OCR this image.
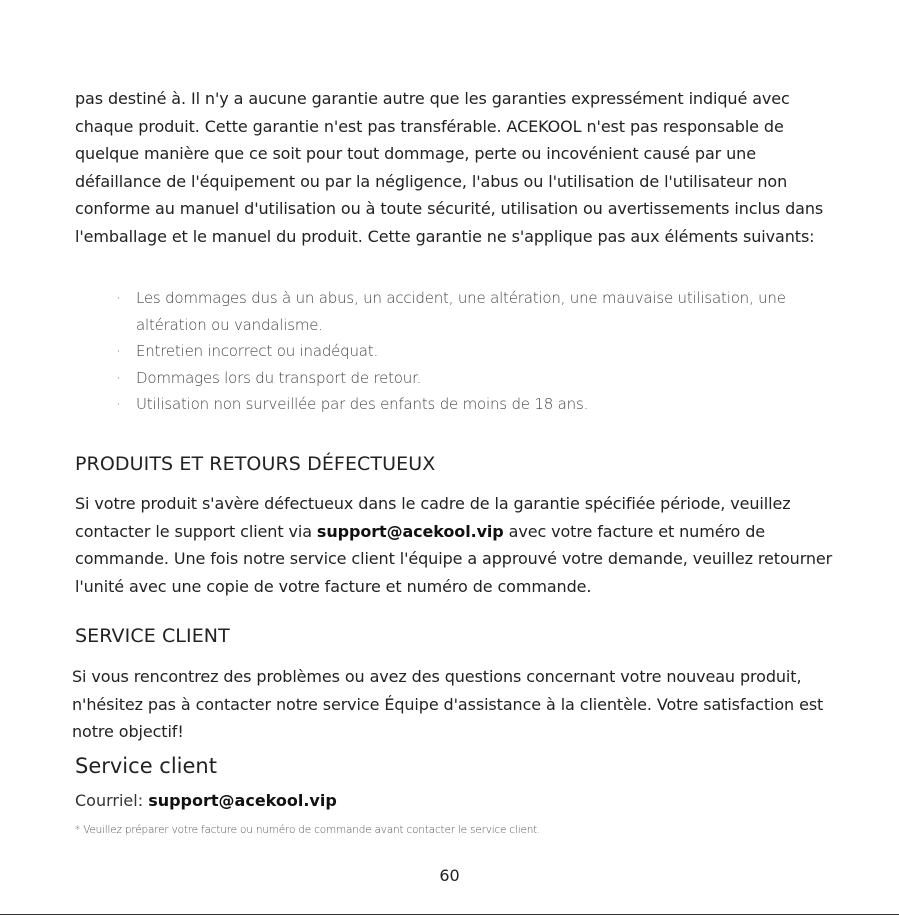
pas destiné à. Il n'y a aucune garantie autre que les garanties expressément indiqué avec chaque produit. Cette garantie n'est pas transférable. ACEKOOL n'est pas responsable de quelque manière que ce soit pour tout dommage, perte ou incovénient causé par une défaillance de l'équipement ou par la négligence, l'abus ou l'utilisation de l'utilisateur non conforme au manuel d'utilisation ou à toute sécurité, utilisation ou avertissements inclus dans l'emballage et le manuel du produit. Cette garantie ne s'applique pas aux éléments suivants:

·	Les dommages dus à un abus, un accident, une altération, une mauvaise utilisation, une altération ou vandalisme.
·	Entretien incorrect ou inadéquat.
·	Dommages lors du transport de retour.
·	Utilisation non surveillée par des enfants de moins de 18 ans.
PRODUITS ET RETOURS DÉFECTUEUX

Si votre produit s'avère défectueux dans le cadre de la garantie spécifiée période, veuillez contacter le support client via support@acekool.vip avec votre facture et numéro de commande. Une fois notre service client l'équipe a approuvé votre demande, veuillez retourner l'unité avec une copie de votre facture et numéro de commande.

SERVICE CLIENT

Si vous rencontrez des problèmes ou avez des questions concernant votre nouveau produit, n'hésitez pas à contacter notre service Équipe d'assistance à la clientèle. Votre satisfaction est notre objectif!

Service client

Courriel: support@acekool.vip

* Veuillez préparer votre facture ou numéro de commande avant contacter le service client.

60
